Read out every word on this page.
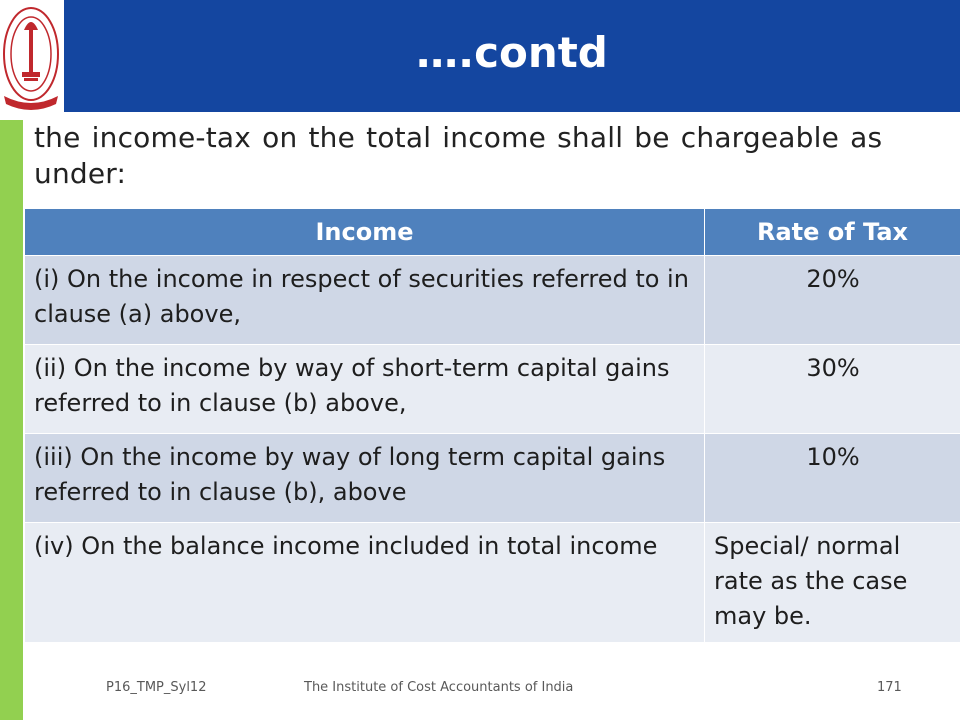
….contd
the income-tax on the total income shall be chargeable as under:
Income	Rate of Tax
(i) On the income in respect of securities referred to in clause (a) above,	20%
(ii) On the income by way of short-term capital gains referred to in clause (b) above,	30%
(iii) On the income by way of long term capital gains referred to in clause (b), above	10%
(iv) On the balance income included in total income	Special/ normal rate as the case may be.
P16_TMP_Syl12	The Institute of Cost Accountants of India	171
